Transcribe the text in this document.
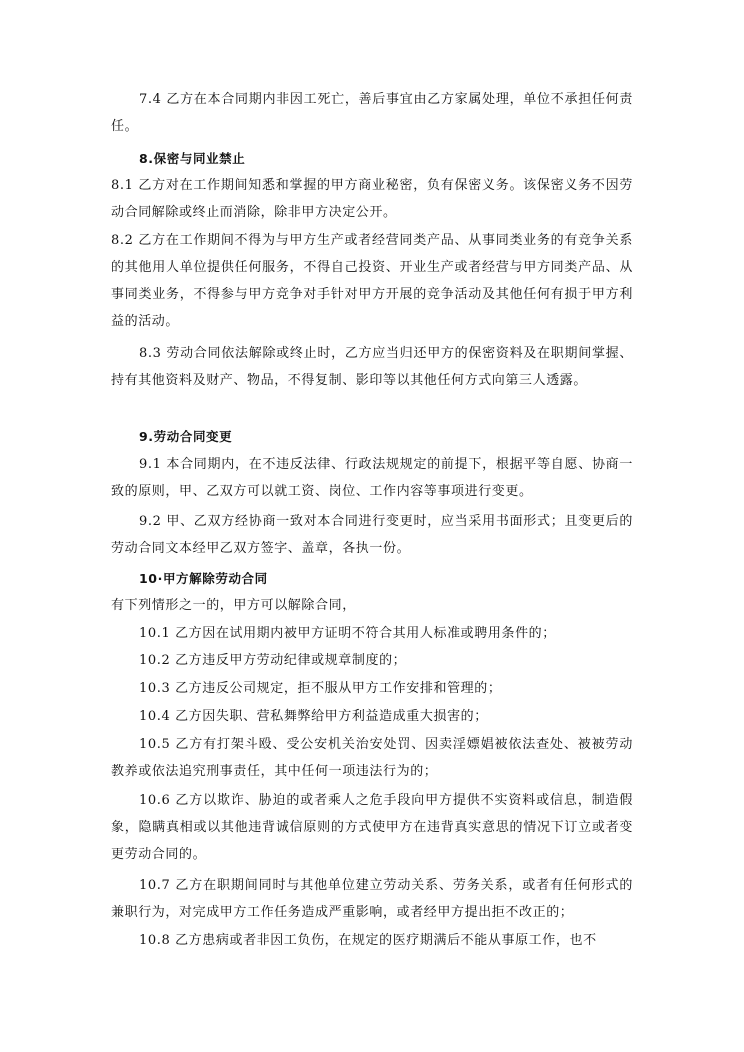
7.4 乙方在本合同期内非因工死亡，善后事宜由乙方家属处理，单位不承担任何责任。

8.保密与同业禁止

8.1 乙方对在工作期间知悉和掌握的甲方商业秘密，负有保密义务。该保密义务不因劳动合同解除或终止而消除，除非甲方决定公开。

8.2 乙方在工作期间不得为与甲方生产或者经营同类产品、从事同类业务的有竞争关系的其他用人单位提供任何服务，不得自己投资、开业生产或者经营与甲方同类产品、从事同类业务，不得参与甲方竞争对手针对甲方开展的竞争活动及其他任何有损于甲方利益的活动。

8.3 劳动合同依法解除或终止时，乙方应当归还甲方的保密资料及在职期间掌握、持有其他资料及财产、物品，不得复制、影印等以其他任何方式向第三人透露。

9.劳动合同变更

9.1 本合同期内，在不违反法律、行政法规规定的前提下，根据平等自愿、协商一致的原则，甲、乙双方可以就工资、岗位、工作内容等事项进行变更。

9.2 甲、乙双方经协商一致对本合同进行变更时，应当采用书面形式；且变更后的劳动合同文本经甲乙双方签字、盖章，各执一份。

10·甲方解除劳动合同

有下列情形之一的，甲方可以解除合同，

10.1 乙方因在试用期内被甲方证明不符合其用人标准或聘用条件的；

10.2 乙方违反甲方劳动纪律或规章制度的；

10.3 乙方违反公司规定，拒不服从甲方工作安排和管理的；

10.4 乙方因失职、营私舞弊给甲方利益造成重大损害的；

10.5 乙方有打架斗殴、受公安机关治安处罚、因卖淫嫖娼被依法查处、被被劳动教养或依法追究刑事责任，其中任何一项违法行为的；

10.6 乙方以欺诈、胁迫的或者乘人之危手段向甲方提供不实资料或信息，制造假象，隐瞒真相或以其他违背诚信原则的方式使甲方在违背真实意思的情况下订立或者变更劳动合同的。

10.7 乙方在职期间同时与其他单位建立劳动关系、劳务关系，或者有任何形式的兼职行为，对完成甲方工作任务造成严重影响，或者经甲方提出拒不改正的；

10.8 乙方患病或者非因工负伤，在规定的医疗期满后不能从事原工作，也不
